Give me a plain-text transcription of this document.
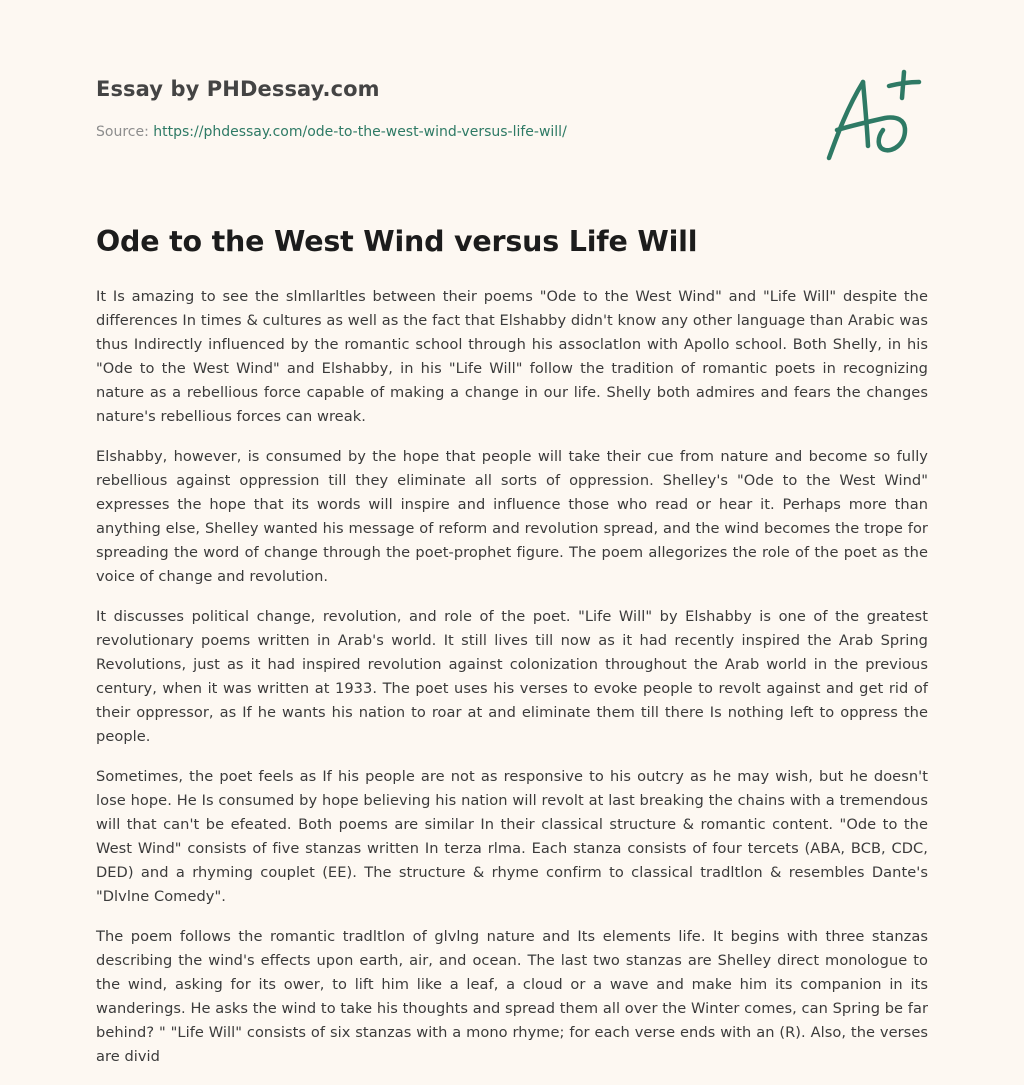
Essay by PHDessay.com
Source: https://phdessay.com/ode-to-the-west-wind-versus-life-will/
Ode to the West Wind versus Life Will

It Is amazing to see the slmllarltles between their poems "Ode to the West Wind" and "Life Will" despite the differences In times & cultures as well as the fact that Elshabby didn't know any other language than Arabic was thus Indirectly influenced by the romantic school through his assoclatlon with Apollo school. Both Shelly, in his "Ode to the West Wind" and Elshabby, in his "Life Will" follow the tradition of romantic poets in recognizing nature as a rebellious force capable of making a change in our life. Shelly both admires and fears the changes nature's rebellious forces can wreak.

Elshabby, however, is consumed by the hope that people will take their cue from nature and become so fully rebellious against oppression till they eliminate all sorts of oppression. Shelley's "Ode to the West Wind" expresses the hope that its words will inspire and influence those who read or hear it. Perhaps more than anything else, Shelley wanted his message of reform and revolution spread, and the wind becomes the trope for spreading the word of change through the poet-prophet figure. The poem allegorizes the role of the poet as the voice of change and revolution.

It discusses political change, revolution, and role of the poet. "Life Will" by Elshabby is one of the greatest revolutionary poems written in Arab's world. It still lives till now as it had recently inspired the Arab Spring Revolutions, just as it had inspired revolution against colonization throughout the Arab world in the previous century, when it was written at 1933. The poet uses his verses to evoke people to revolt against and get rid of their oppressor, as If he wants his nation to roar at and eliminate them till there Is nothing left to oppress the people.

Sometimes, the poet feels as If his people are not as responsive to his outcry as he may wish, but he doesn't lose hope. He Is consumed by hope believing his nation will revolt at last breaking the chains with a tremendous will that can't be efeated. Both poems are similar In their classical structure & romantic content. "Ode to the West Wind" consists of five stanzas written In terza rlma. Each stanza consists of four tercets (ABA, BCB, CDC, DED) and a rhyming couplet (EE). The structure & rhyme confirm to classical tradltlon & resembles Dante's "Dlvlne Comedy".

The poem follows the romantic tradltlon of glvlng nature and Its elements life. It begins with three stanzas describing the wind's effects upon earth, air, and ocean. The last two stanzas are Shelley direct monologue to the wind, asking for its ower, to lift him like a leaf, a cloud or a wave and make him its companion in its wanderings. He asks the wind to take his thoughts and spread them all over the Winter comes, can Spring be far behind? " "Life Will" consists of six stanzas with a mono rhyme; for each verse ends with an (R). Also, the verses are divid
